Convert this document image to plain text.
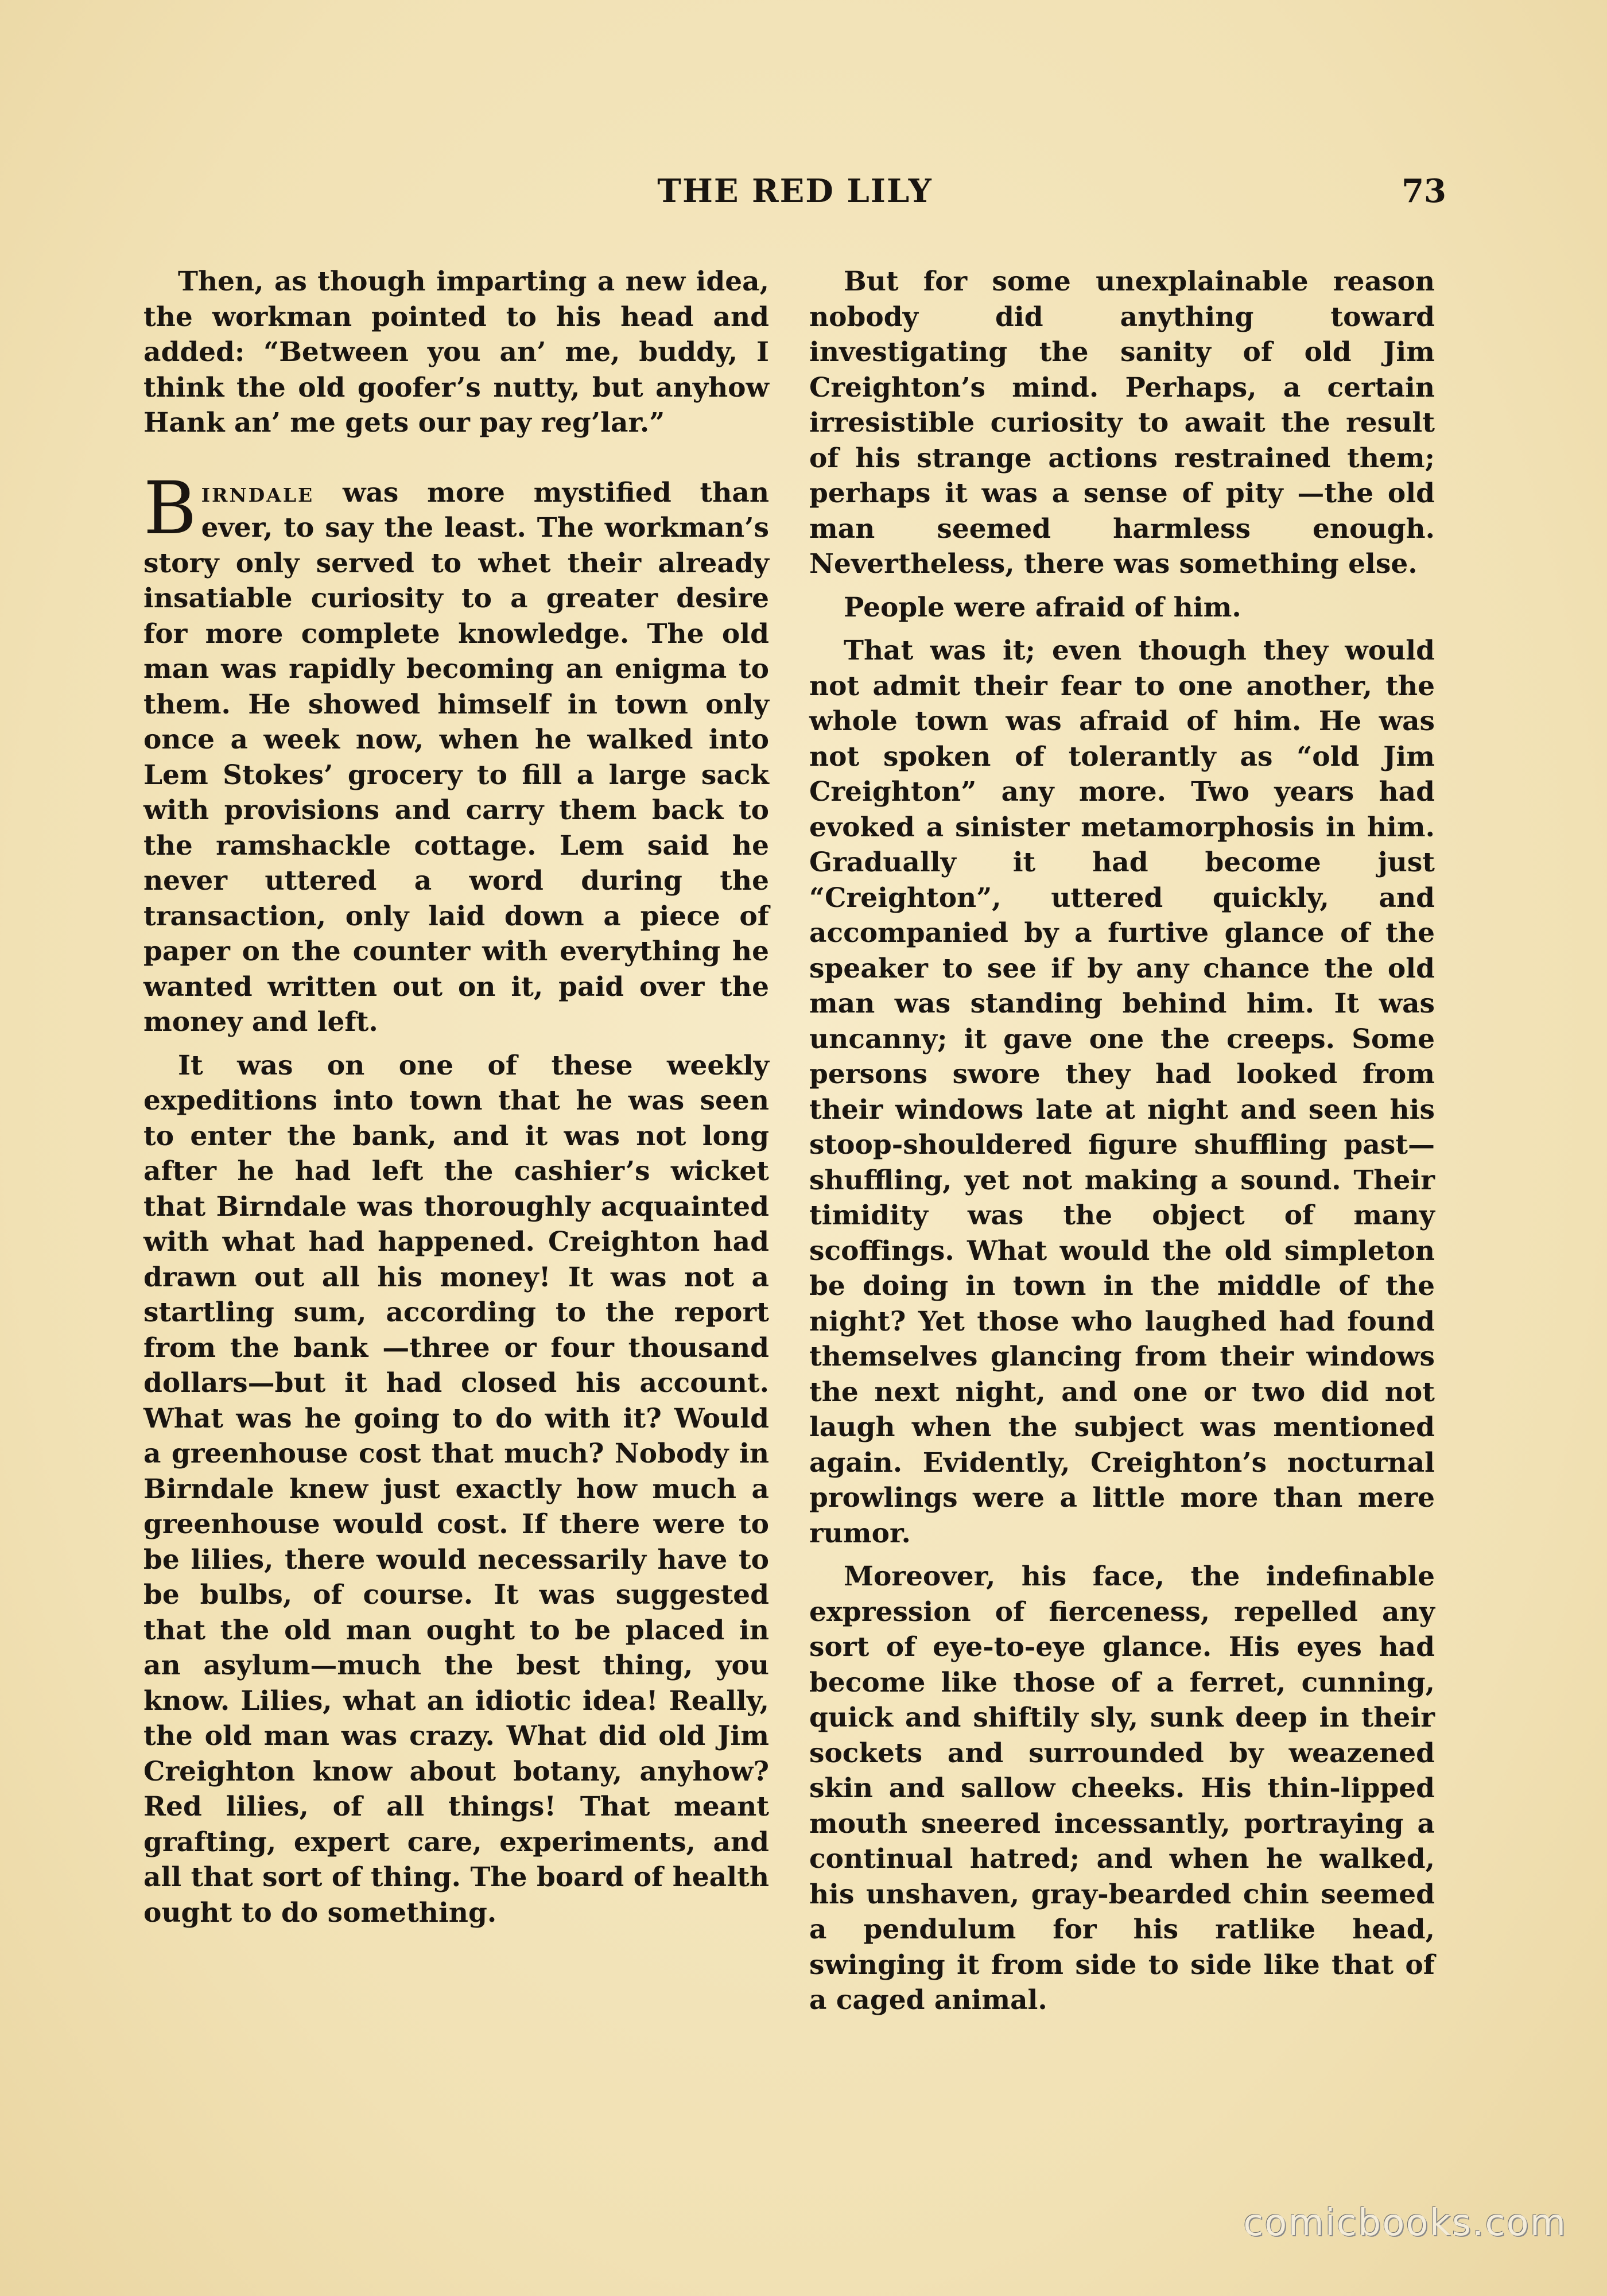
THE RED LILY	73

Then, as though imparting a new idea, the workman pointed to his head and added: “Between you an’ me, buddy, I think the old goofer’s nutty, but anyhow Hank an’ me gets our pay reg’lar.”

Birndale was more mystified than ever, to say the least. The workman’s story only served to whet their already insatiable curiosity to a greater desire for more complete knowledge. The old man was rapidly becoming an enigma to them. He showed himself in town only once a week now, when he walked into Lem Stokes’ grocery to fill a large sack with provisions and carry them back to the ramshackle cottage. Lem said he never uttered a word during the transaction, only laid down a piece of paper on the counter with everything he wanted written out on it, paid over the money and left.

It was on one of these weekly expeditions into town that he was seen to enter the bank, and it was not long after he had left the cashier’s wicket that Birndale was thoroughly acquainted with what had happened. Creighton had drawn out all his money! It was not a startling sum, according to the report from the bank —three or four thousand dollars—but it had closed his account. What was he going to do with it? Would a greenhouse cost that much? Nobody in Birndale knew just exactly how much a greenhouse would cost. If there were to be lilies, there would necessarily have to be bulbs, of course. It was suggested that the old man ought to be placed in an asylum—much the best thing, you know. Lilies, what an idiotic idea! Really, the old man was crazy. What did old Jim Creighton know about botany, anyhow? Red lilies, of all things! That meant grafting, expert care, experiments, and all that sort of thing. The board of health ought to do something.

But for some unexplainable reason nobody did anything toward investigating the sanity of old Jim Creighton’s mind. Perhaps, a certain irresistible curiosity to await the result of his strange actions restrained them; perhaps it was a sense of pity —the old man seemed harmless enough. Nevertheless, there was something else.

People were afraid of him.

That was it; even though they would not admit their fear to one another, the whole town was afraid of him. He was not spoken of tolerantly as “old Jim Creighton” any more. Two years had evoked a sinister metamorphosis in him. Gradually it had become just “Creighton”, uttered quickly, and accompanied by a furtive glance of the speaker to see if by any chance the old man was standing behind him. It was uncanny; it gave one the creeps. Some persons swore they had looked from their windows late at night and seen his stoop-shouldered figure shuffling past—shuffling, yet not making a sound. Their timidity was the object of many scoffings. What would the old simpleton be doing in town in the middle of the night? Yet those who laughed had found themselves glancing from their windows the next night, and one or two did not laugh when the subject was mentioned again. Evidently, Creighton’s nocturnal prowlings were a little more than mere rumor.

Moreover, his face, the indefinable expression of fierceness, repelled any sort of eye-to-eye glance. His eyes had become like those of a ferret, cunning, quick and shiftily sly, sunk deep in their sockets and surrounded by weazened skin and sallow cheeks. His thin-lipped mouth sneered incessantly, portraying a continual hatred; and when he walked, his unshaven, gray-bearded chin seemed a pendulum for his ratlike head, swinging it from side to side like that of a caged animal.

comicbooks.com
